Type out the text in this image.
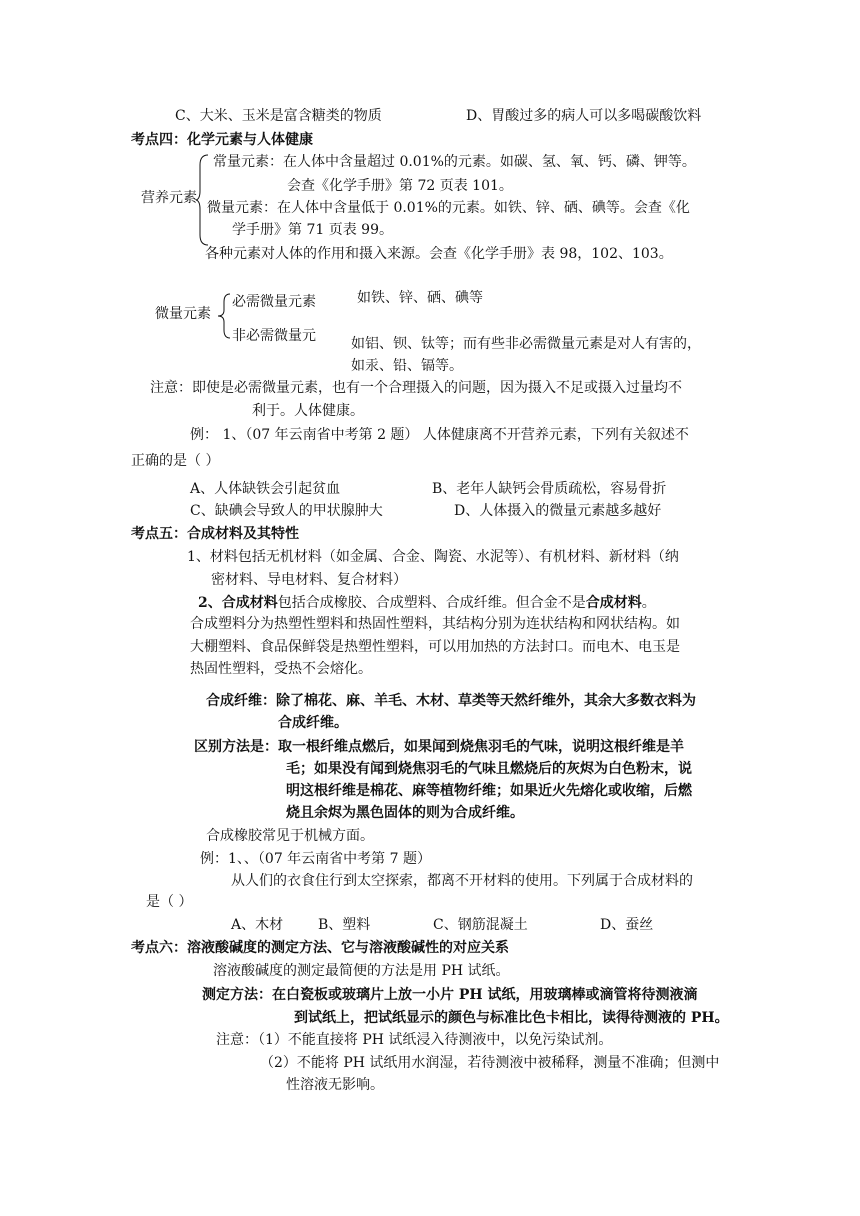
C、大米、玉米是富含糖类的物质	D、胃酸过多的病人可以多喝碳酸饮料
考点四：化学元素与人体健康
营养元素
常量元素：在人体中含量超过 0.01%的元素。如碳、氢、氧、钙、磷、钾等。
会查《化学手册》第 72 页表 101。
微量元素：在人体中含量低于 0.01%的元素。如铁、锌、硒、碘等。会查《化
学手册》第 71 页表 99。
各种元素对人体的作用和摄入来源。会查《化学手册》表 98，102、103。
微量元素
必需微量元素	如铁、锌、硒、碘等
非必需微量元	如铝、钡、钛等；而有些非必需微量元素是对人有害的，
如汞、铅、镉等。
注意：即使是必需微量元素，也有一个合理摄入的问题，因为摄入不足或摄入过量均不
利于。人体健康。
例： 1、（07 年云南省中考第 2 题） 人体健康离不开营养元素，下列有关叙述不
正确的是（ ）
A、人体缺铁会引起贫血	B、老年人缺钙会骨质疏松，容易骨折
C、缺碘会导致人的甲状腺肿大	D、人体摄入的微量元素越多越好
考点五：合成材料及其特性
1、材料包括无机材料（如金属、合金、陶瓷、水泥等）、有机材料、新材料（纳
密材料、导电材料、复合材料）
2、合成材料包括合成橡胶、合成塑料、合成纤维。但合金不是合成材料。
合成塑料分为热塑性塑料和热固性塑料，其结构分别为连状结构和网状结构。如
大棚塑料、食品保鲜袋是热塑性塑料，可以用加热的方法封口。而电木、电玉是
热固性塑料，受热不会熔化。
合成纤维：除了棉花、麻、羊毛、木材、草类等天然纤维外，其余大多数衣料为
合成纤维。
区别方法是：取一根纤维点燃后，如果闻到烧焦羽毛的气味，说明这根纤维是羊
毛；如果没有闻到烧焦羽毛的气味且燃烧后的灰烬为白色粉末，说
明这根纤维是棉花、麻等植物纤维；如果近火先熔化或收缩，后燃
烧且余烬为黑色固体的则为合成纤维。
合成橡胶常见于机械方面。
例：1、、（07 年云南省中考第 7 题）
从人们的衣食住行到太空探索，都离不开材料的使用。下列属于合成材料的
是（ ）
A、木材 B、塑料	C、钢筋混凝土	D、蚕丝
考点六：溶液酸碱度的测定方法、它与溶液酸碱性的对应关系
溶液酸碱度的测定最简便的方法是用 PH 试纸。
测定方法：在白瓷板或玻璃片上放一小片 PH 试纸，用玻璃棒或滴管将待测液滴
到试纸上，把试纸显示的颜色与标准比色卡相比，读得待测液的 PH。
注意：（1）不能直接将 PH 试纸浸入待测液中，以免污染试剂。
（2）不能将 PH 试纸用水润湿，若待测液中被稀释，测量不准确；但测中
性溶液无影响。
